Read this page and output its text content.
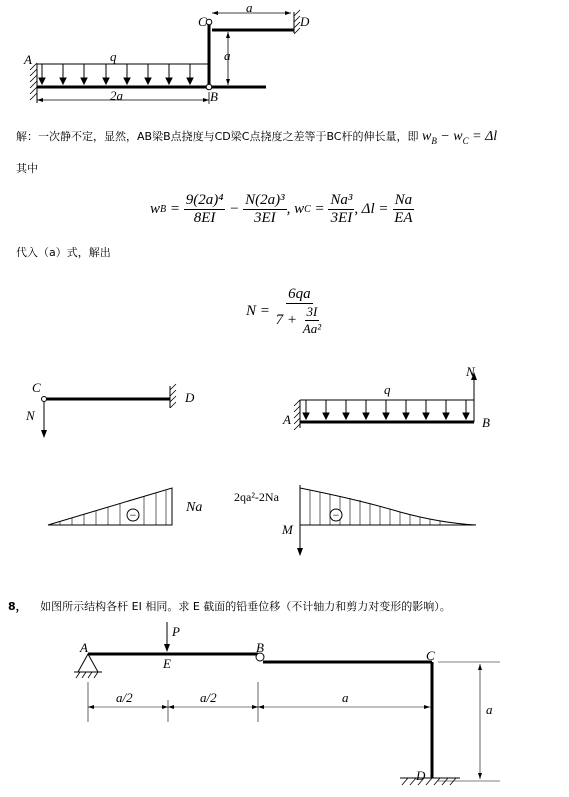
A
B
C	D
q
a
a
2a
解：一次静不定，显然，AB梁B点挠度与CD梁C点挠度之差等于BC杆的伸长量，即 $w_B - w_C = \Delta l$
其中
w $B = \frac{\text{9(2a)⁴}}{8EI} - \frac{\text{N(2a)³}}{3EI}$ , w $C = \frac{\text{Na³}}{3EI}$ , $\Delta l = \frac{Na}{EA}$
代入（a）式，解出
$N = \frac{6qa}{7 + \frac{3I}{\text{Aa²}}}$
C
D
N	A	B
q
N
−	Na	−
2qa²-2Na
M
8， 如图所示结构各杆 EI 相同。求 E 截面的铅垂位移（不计轴力和剪力对变形的影响）。
A	B
C
D
E
P
a/2	a/2	a
a
